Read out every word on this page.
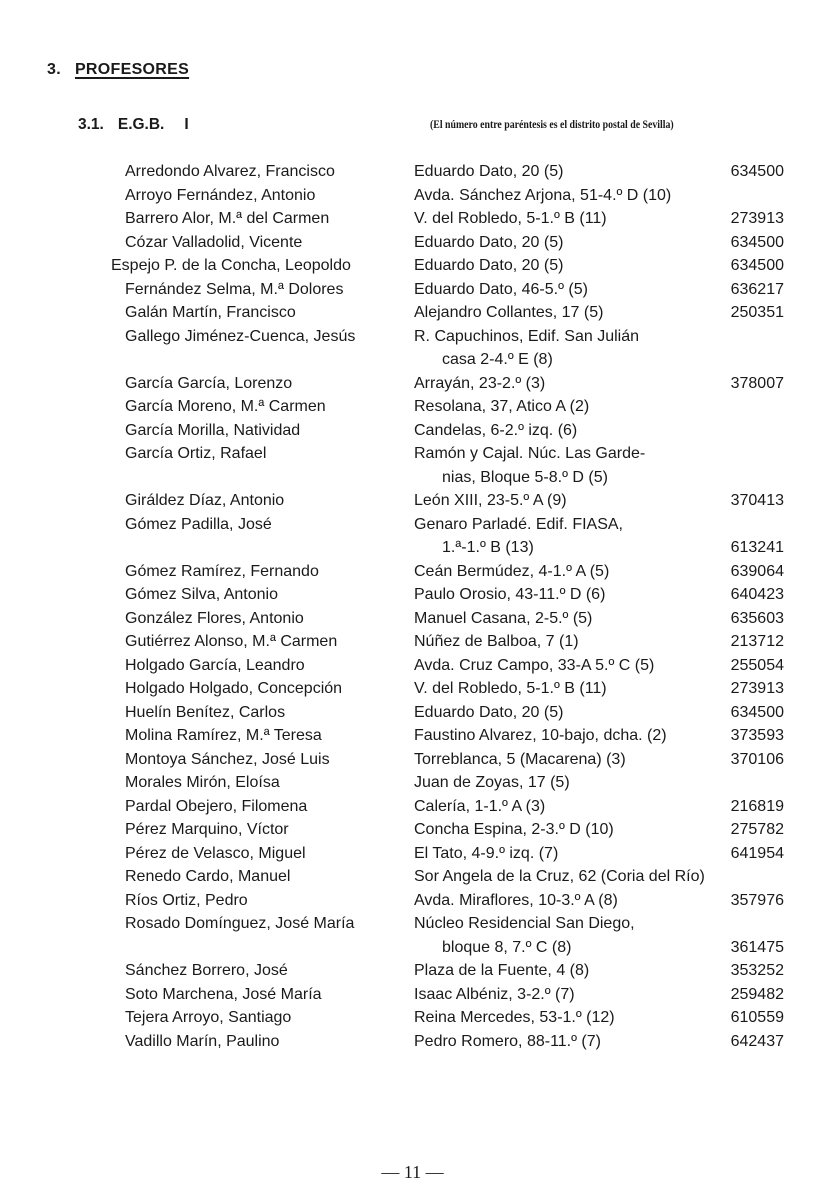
3. PROFESORES
3.1. E.G.B. I	(El número entre paréntesis es el distrito postal de Sevilla)
Arredondo Alvarez, Francisco	Eduardo Dato, 20 (5)	634500
Arroyo Fernández, Antonio	Avda. Sánchez Arjona, 51-4.º D (10)
Barrero Alor, M.ª del Carmen	V. del Robledo, 5-1.º B (11)	273913
Cózar Valladolid, Vicente	Eduardo Dato, 20 (5)	634500
Espejo P. de la Concha, Leopoldo	Eduardo Dato, 20 (5)	634500
Fernández Selma, M.ª Dolores	Eduardo Dato, 46-5.º (5)	636217
Galán Martín, Francisco	Alejandro Collantes, 17 (5)	250351
Gallego Jiménez-Cuenca, Jesús	R. Capuchinos, Edif. San Julián
casa 2-4.º E (8)
García García, Lorenzo	Arrayán, 23-2.º (3)	378007
García Moreno, M.ª Carmen	Resolana, 37, Atico A (2)
García Morilla, Natividad	Candelas, 6-2.º izq. (6)
García Ortiz, Rafael	Ramón y Cajal. Núc. Las Garde-
nias, Bloque 5-8.º D (5)
Giráldez Díaz, Antonio	León XIII, 23-5.º A (9)	370413
Gómez Padilla, José	Genaro Parladé. Edif. FIASA,
1.ª-1.º B (13)	613241
Gómez Ramírez, Fernando	Ceán Bermúdez, 4-1.º A (5)	639064
Gómez Silva, Antonio	Paulo Orosio, 43-11.º D (6)	640423
González Flores, Antonio	Manuel Casana, 2-5.º (5)	635603
Gutiérrez Alonso, M.ª Carmen	Núñez de Balboa, 7 (1)	213712
Holgado García, Leandro	Avda. Cruz Campo, 33-A 5.º C (5)	255054
Holgado Holgado, Concepción	V. del Robledo, 5-1.º B (11)	273913
Huelín Benítez, Carlos	Eduardo Dato, 20 (5)	634500
Molina Ramírez, M.ª Teresa	Faustino Alvarez, 10-bajo, dcha. (2)	373593
Montoya Sánchez, José Luis	Torreblanca, 5 (Macarena) (3)	370106
Morales Mirón, Eloísa	Juan de Zoyas, 17 (5)
Pardal Obejero, Filomena	Calería, 1-1.º A (3)	216819
Pérez Marquino, Víctor	Concha Espina, 2-3.º D (10)	275782
Pérez de Velasco, Miguel	El Tato, 4-9.º izq. (7)	641954
Renedo Cardo, Manuel	Sor Angela de la Cruz, 62 (Coria del Río)
Ríos Ortiz, Pedro	Avda. Miraflores, 10-3.º A (8)	357976
Rosado Domínguez, José María	Núcleo Residencial San Diego,
bloque 8, 7.º C (8)	361475
Sánchez Borrero, José	Plaza de la Fuente, 4 (8)	353252
Soto Marchena, José María	Isaac Albéniz, 3-2.º (7)	259482
Tejera Arroyo, Santiago	Reina Mercedes, 53-1.º (12)	610559
Vadillo Marín, Paulino	Pedro Romero, 88-11.º (7)	642437
— 11 —
